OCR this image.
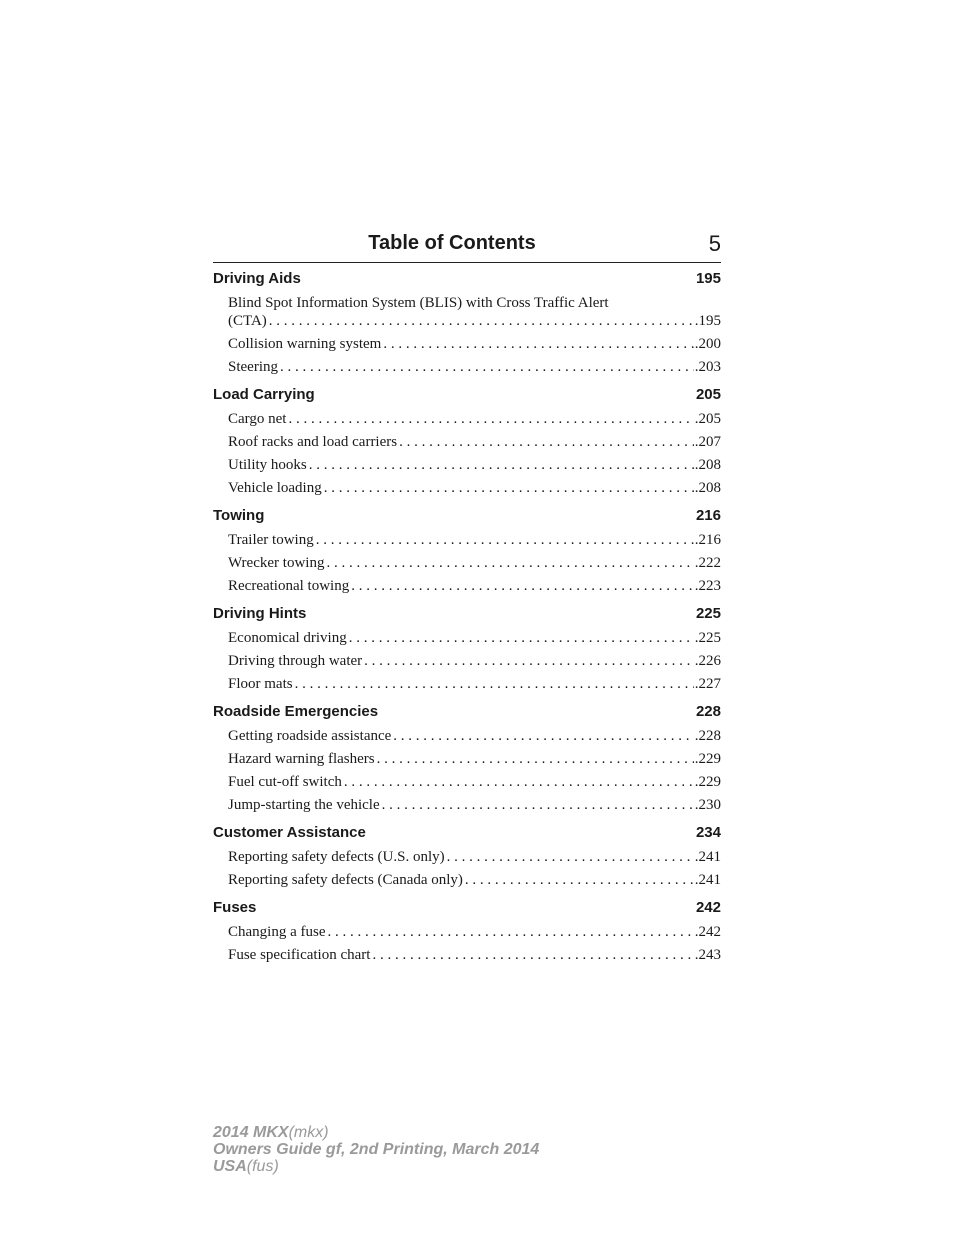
Table of Contents	5
Driving Aids	195
Blind Spot Information System (BLIS) with Cross Traffic Alert
(CTA) . . .	.195
Collision warning system . . .	.200
Steering . . .	.203
Load Carrying	205
Cargo net . . .	.205
Roof racks and load carriers . . .	.207
Utility hooks . . .	.208
Vehicle loading . . .	.208
Towing	216
Trailer towing . . .	.216
Wrecker towing . . .	.222
Recreational towing . . .	.223
Driving Hints	225
Economical driving . . .	.225
Driving through water . . .	.226
Floor mats . . .	.227
Roadside Emergencies	228
Getting roadside assistance . . .	.228
Hazard warning flashers . . .	.229
Fuel cut-off switch . . .	.229
Jump-starting the vehicle . . .	.230
Customer Assistance	234
Reporting safety defects (U.S. only) . . .	.241
Reporting safety defects (Canada only) . . .	.241
Fuses	242
Changing a fuse . . .	.242
Fuse specification chart . . .	.243
2014 MKX(mkx)
Owners Guide gf, 2nd Printing, March 2014
USA(fus)
